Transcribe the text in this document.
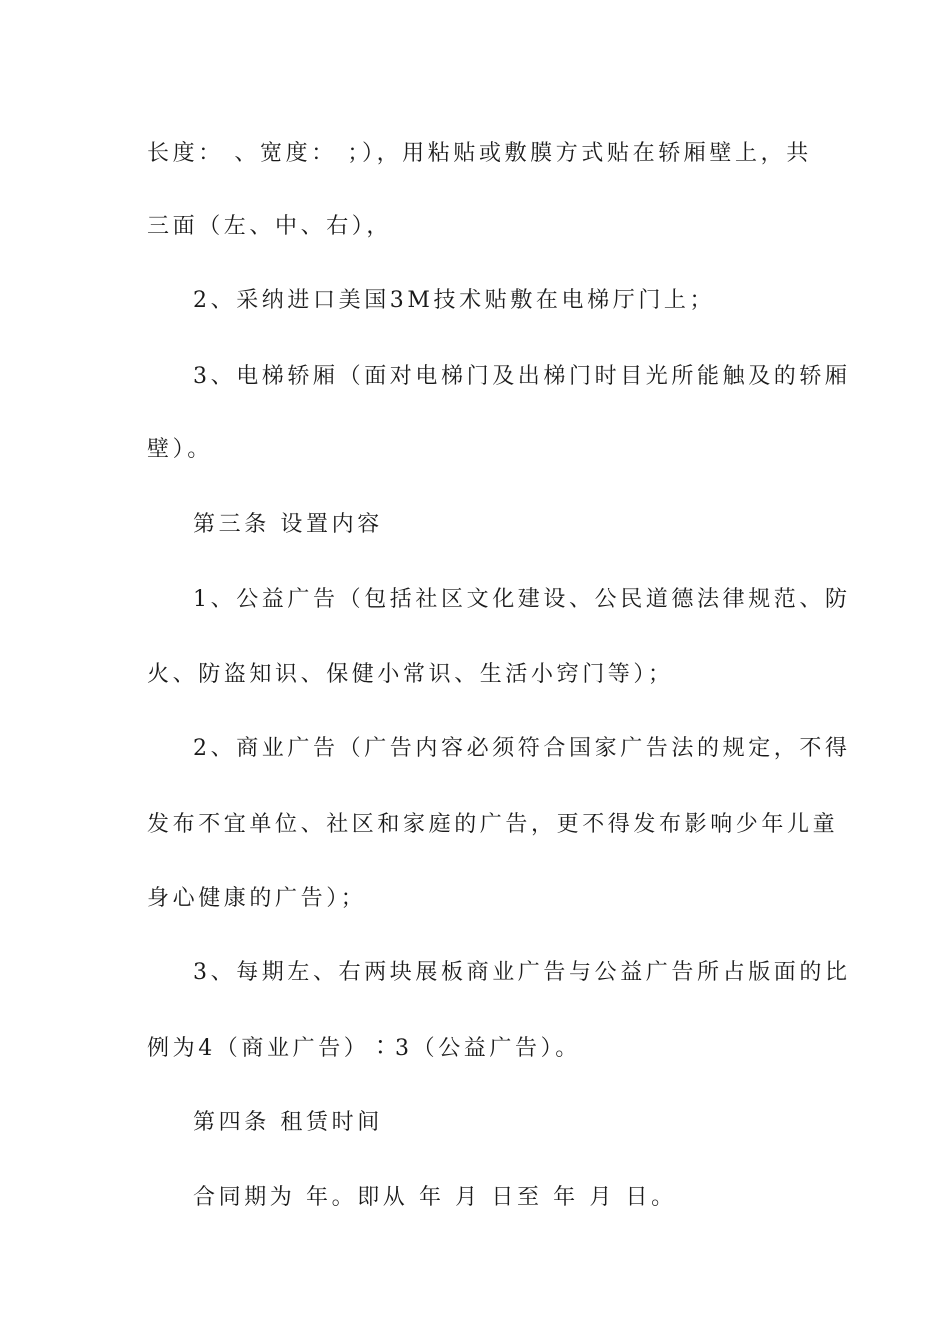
长度： 、宽度： ；），用粘贴或敷膜方式贴在轿厢壁上，共
三面（左、中、右），
2、采纳进口美国3M技术贴敷在电梯厅门上；
3、电梯轿厢（面对电梯门及出梯门时目光所能触及的轿厢
壁）。
第三条 设置内容
1、公益广告（包括社区文化建设、公民道德法律规范、防
火、防盗知识、保健小常识、生活小窍门等）；
2、商业广告（广告内容必须符合国家广告法的规定，不得
发布不宜单位、社区和家庭的广告，更不得发布影响少年儿童
身心健康的广告）；
3、每期左、右两块展板商业广告与公益广告所占版面的比
例为4（商业广告）∶3（公益广告）。
第四条 租赁时间
合同期为 年。即从 年 月 日至 年 月 日。
